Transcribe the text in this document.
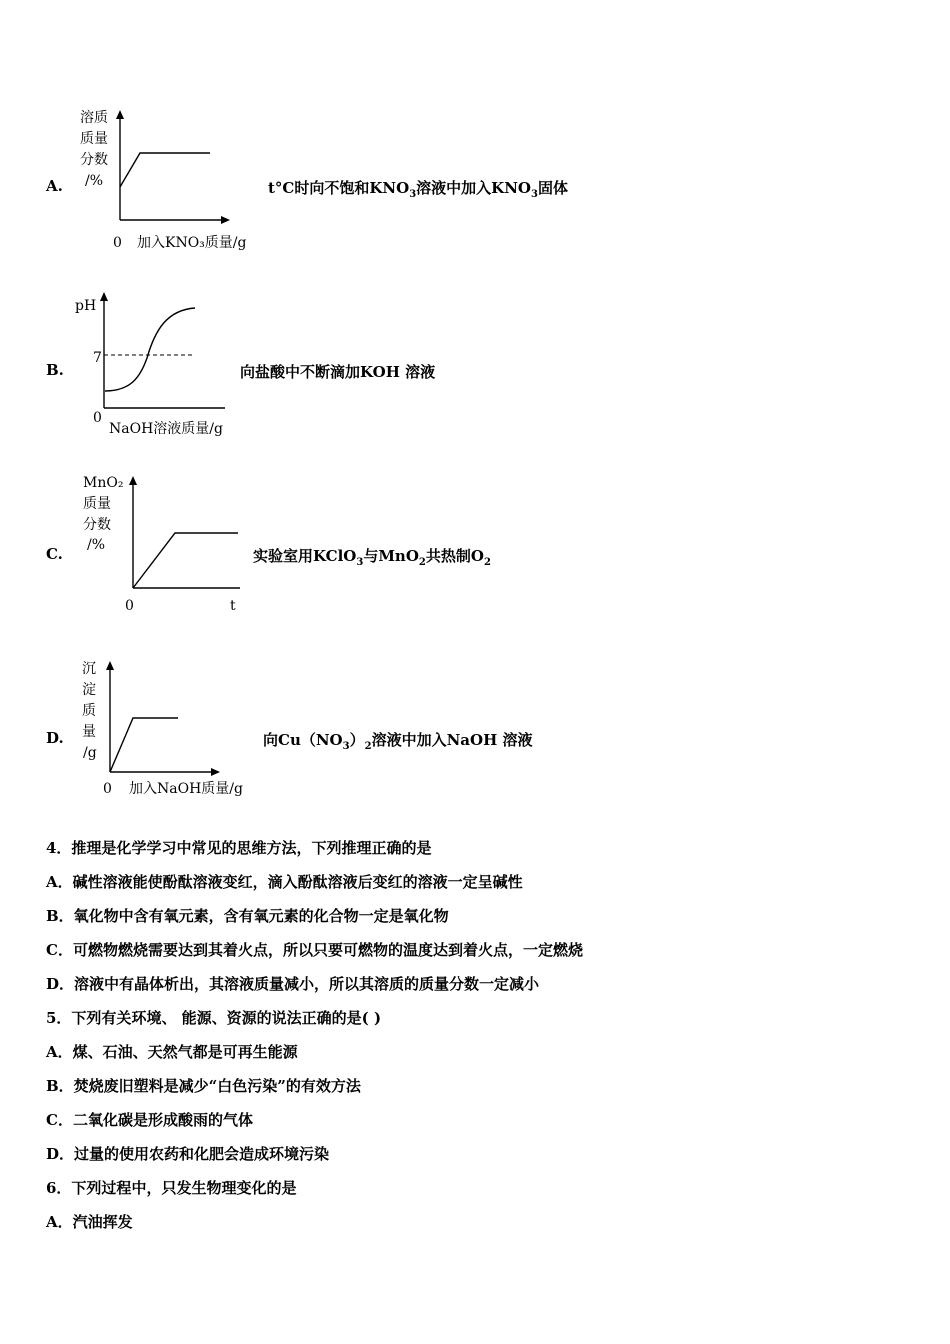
A.
溶质
质量
分数
/%
0 加入KNO₃质量/g
t°C时向不饱和$KNO_3$溶液中加入$KNO_3$固体
B.
pH
7
0
NaOH溶液质量/g
向盐酸中不断滴加KOH 溶液
C.
MnO₂
质量
分数
/%
0	t
实验室用KClO$_3$与MnO$_2$共热制$O_2$
D.
沉
淀
质
量
/g
0 加入NaOH质量/g
向$Cu(NO_3)_2$溶液中加入NaOH 溶液
4．推理是化学学习中常见的思维方法，下列推理正确的是
A．碱性溶液能使酚酞溶液变红，滴入酚酞溶液后变红的溶液一定呈碱性
B．氧化物中含有氧元素，含有氧元素的化合物一定是氧化物
C．可燃物燃烧需要达到其着火点，所以只要可燃物的温度达到着火点，一定燃烧
D．溶液中有晶体析出，其溶液质量减小，所以其溶质的质量分数一定减小
5．下列有关环境、 能源、资源的说法正确的是( )
A．煤、石油、天然气都是可再生能源
B．焚烧废旧塑料是减少“白色污染”的有效方法
C．二氧化碳是形成酸雨的气体
D．过量的使用农药和化肥会造成环境污染
6．下列过程中，只发生物理变化的是
A．汽油挥发
